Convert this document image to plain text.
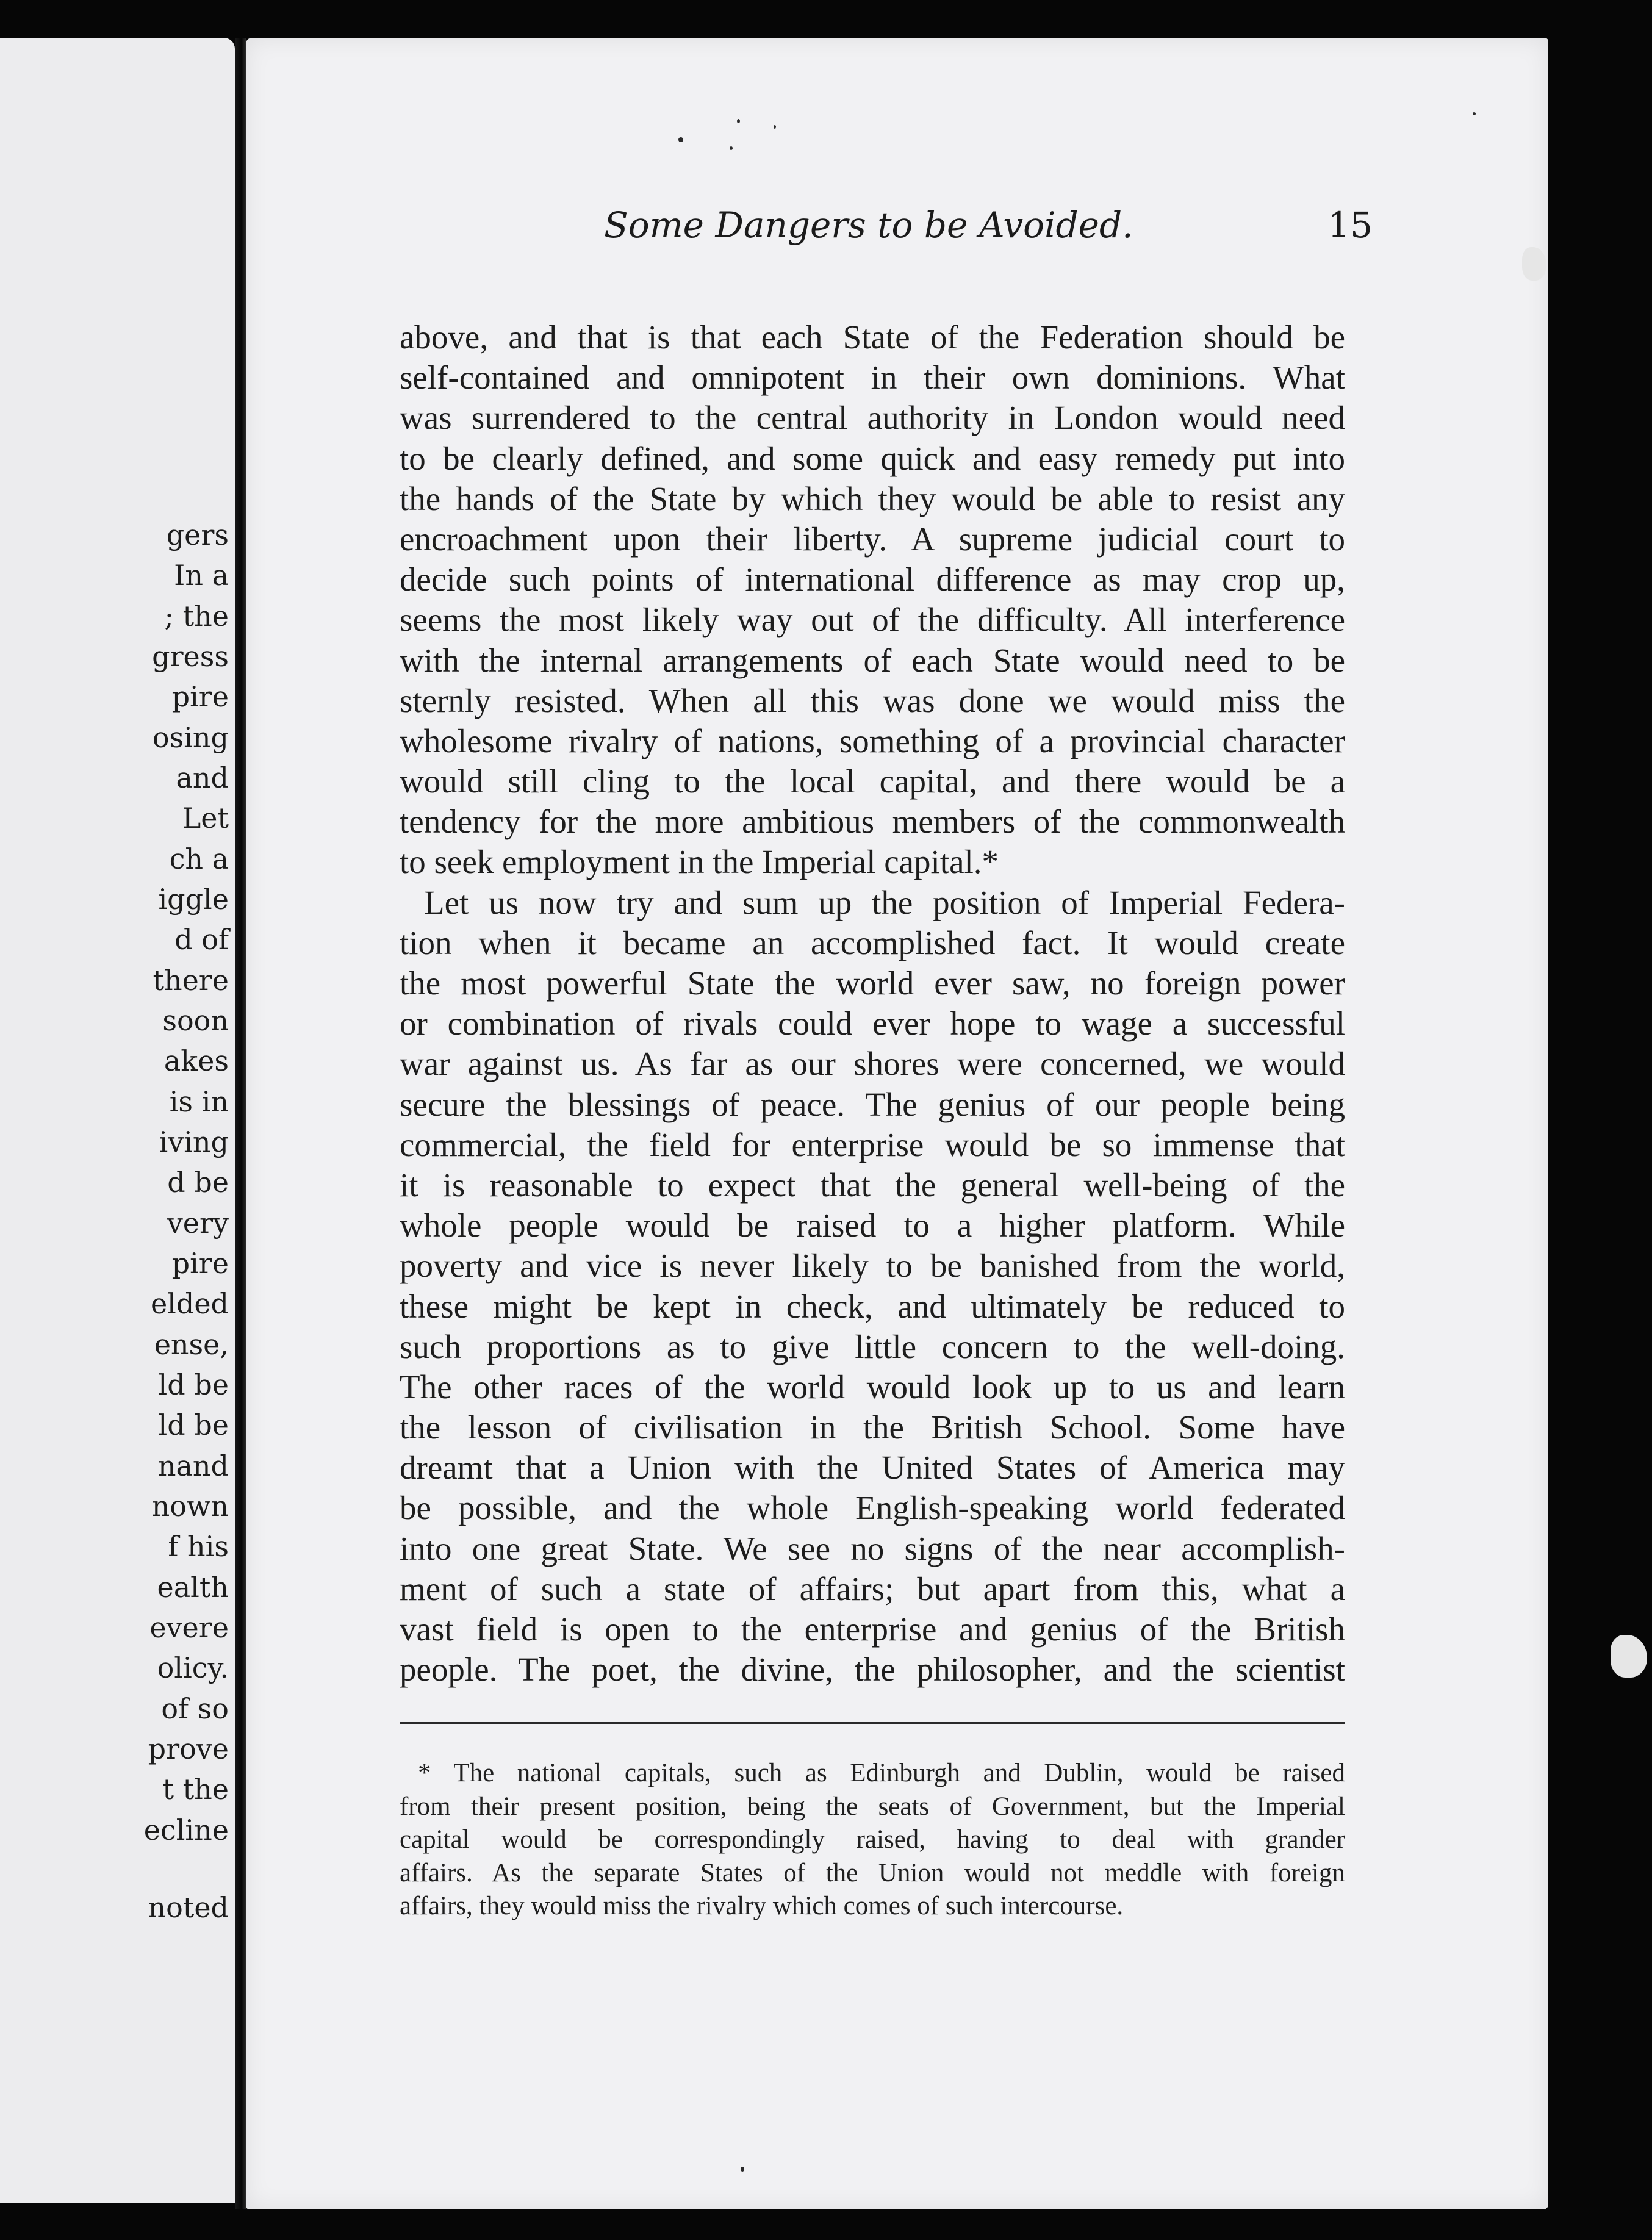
gers
In a
; the
gress
pire
osing
and
Let
ch a
iggle
d of
there
soon
akes
is in
iving
d be
very
pire
elded
ense,
ld be
ld be
nand
nown
f his
ealth
evere
olicy.
of so
prove
t the
ecline
noted
Some Dangers to be Avoided.	15
above, and that is that each State of the Federation should be
self-contained and omnipotent in their own dominions. What
was surrendered to the central authority in London would need
to be clearly defined, and some quick and easy remedy put into
the hands of the State by which they would be able to resist any
encroachment upon their liberty. A supreme judicial court to
decide such points of international difference as may crop up,
seems the most likely way out of the difficulty. All interference
with the internal arrangements of each State would need to be
sternly resisted. When all this was done we would miss the
wholesome rivalry of nations, something of a provincial character
would still cling to the local capital, and there would be a
tendency for the more ambitious members of the commonwealth
to seek employment in the Imperial capital.*
Let us now try and sum up the position of Imperial Federa-
tion when it became an accomplished fact. It would create
the most powerful State the world ever saw, no foreign power
or combination of rivals could ever hope to wage a successful
war against us. As far as our shores were concerned, we would
secure the blessings of peace. The genius of our people being
commercial, the field for enterprise would be so immense that
it is reasonable to expect that the general well-being of the
whole people would be raised to a higher platform. While
poverty and vice is never likely to be banished from the world,
these might be kept in check, and ultimately be reduced to
such proportions as to give little concern to the well-doing.
The other races of the world would look up to us and learn
the lesson of civilisation in the British School. Some have
dreamt that a Union with the United States of America may
be possible, and the whole English-speaking world federated
into one great State. We see no signs of the near accomplish-
ment of such a state of affairs; but apart from this, what a
vast field is open to the enterprise and genius of the British
people. The poet, the divine, the philosopher, and the scientist
* The national capitals, such as Edinburgh and Dublin, would be raised
from their present position, being the seats of Government, but the Imperial
capital would be correspondingly raised, having to deal with grander
affairs. As the separate States of the Union would not meddle with foreign
affairs, they would miss the rivalry which comes of such intercourse.
